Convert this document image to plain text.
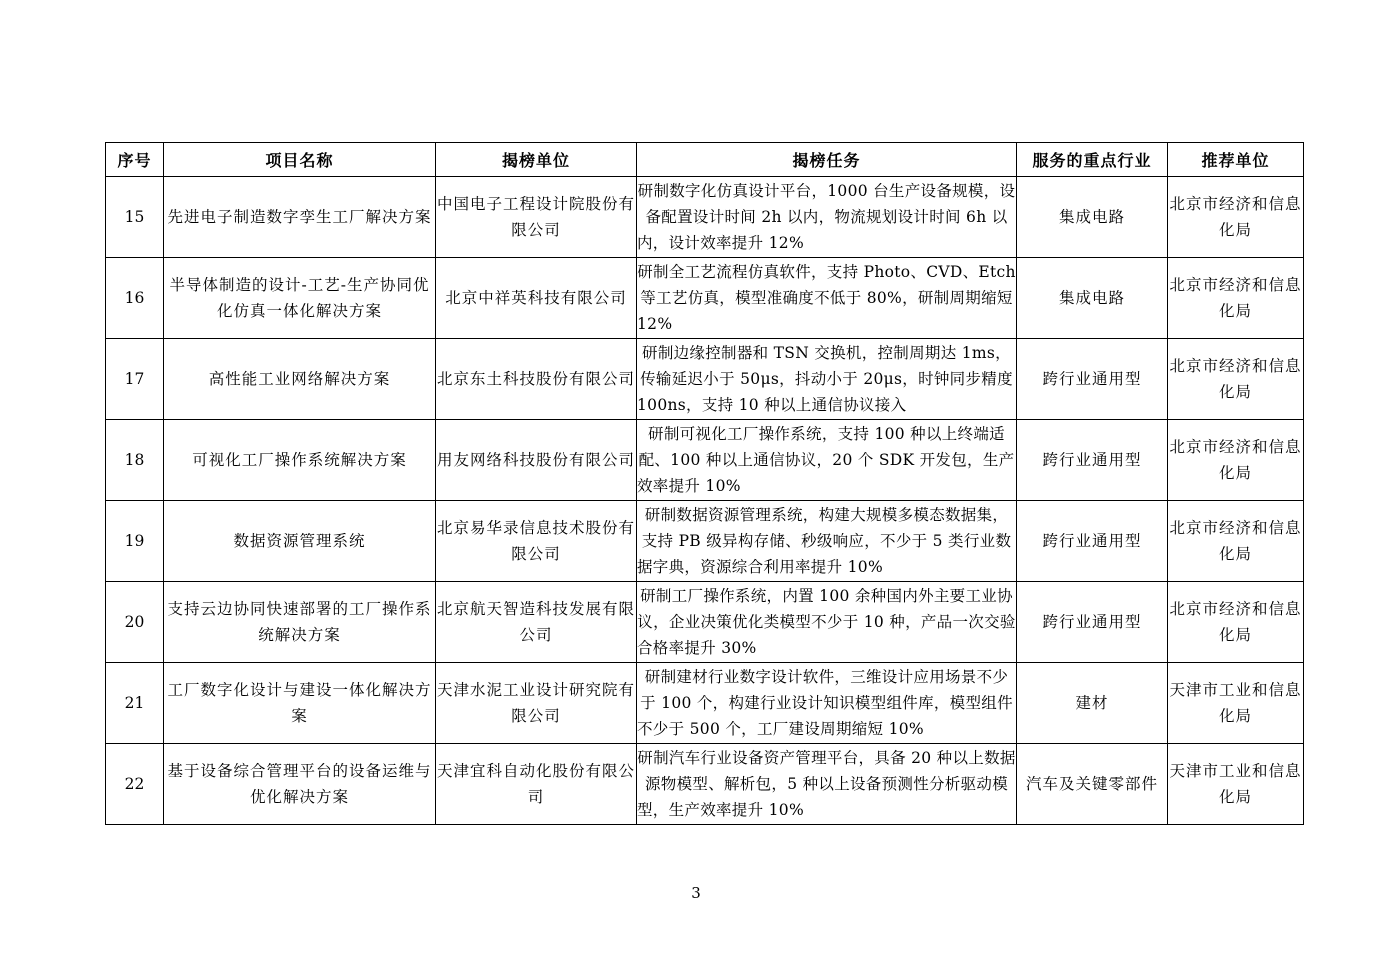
序号	项目名称	揭榜单位	揭榜任务	服务的重点行业	推荐单位
15	先进电子制造数字孪生工厂解决方案	中国电子工程设计院股份有限公司	研制数字化仿真设计平台，1000 台生产设备规模，设备配置设计时间 2h 以内，物流规划设计时间 6h 以内，设计效率提升 12%	集成电路	北京市经济和信息化局
16	半导体制造的设计-工艺-生产协同优化仿真一体化解决方案	北京中祥英科技有限公司	研制全工艺流程仿真软件，支持 Photo、CVD、Etch 等工艺仿真，模型准确度不低于 80%，研制周期缩短 12%	集成电路	北京市经济和信息化局
17	高性能工业网络解决方案	北京东土科技股份有限公司	研制边缘控制器和 TSN 交换机，控制周期达 1ms，传输延迟小于 50μs，抖动小于 20μs，时钟同步精度 100ns，支持 10 种以上通信协议接入	跨行业通用型	北京市经济和信息化局
18	可视化工厂操作系统解决方案	用友网络科技股份有限公司	研制可视化工厂操作系统，支持 100 种以上终端适配、100 种以上通信协议，20 个 SDK 开发包，生产效率提升 10%	跨行业通用型	北京市经济和信息化局
19	数据资源管理系统	北京易华录信息技术股份有限公司	研制数据资源管理系统，构建大规模多模态数据集，支持 PB 级异构存储、秒级响应，不少于 5 类行业数据字典，资源综合利用率提升 10%	跨行业通用型	北京市经济和信息化局
20	支持云边协同快速部署的工厂操作系统解决方案	北京航天智造科技发展有限公司	研制工厂操作系统，内置 100 余种国内外主要工业协议，企业决策优化类模型不少于 10 种，产品一次交验合格率提升 30%	跨行业通用型	北京市经济和信息化局
21	工厂数字化设计与建设一体化解决方案	天津水泥工业设计研究院有限公司	研制建材行业数字设计软件，三维设计应用场景不少于 100 个，构建行业设计知识模型组件库，模型组件不少于 500 个，工厂建设周期缩短 10%	建材	天津市工业和信息化局
22	基于设备综合管理平台的设备运维与优化解决方案	天津宜科自动化股份有限公司	研制汽车行业设备资产管理平台，具备 20 种以上数据源物模型、解析包，5 种以上设备预测性分析驱动模型，生产效率提升 10%	汽车及关键零部件	天津市工业和信息化局
3
